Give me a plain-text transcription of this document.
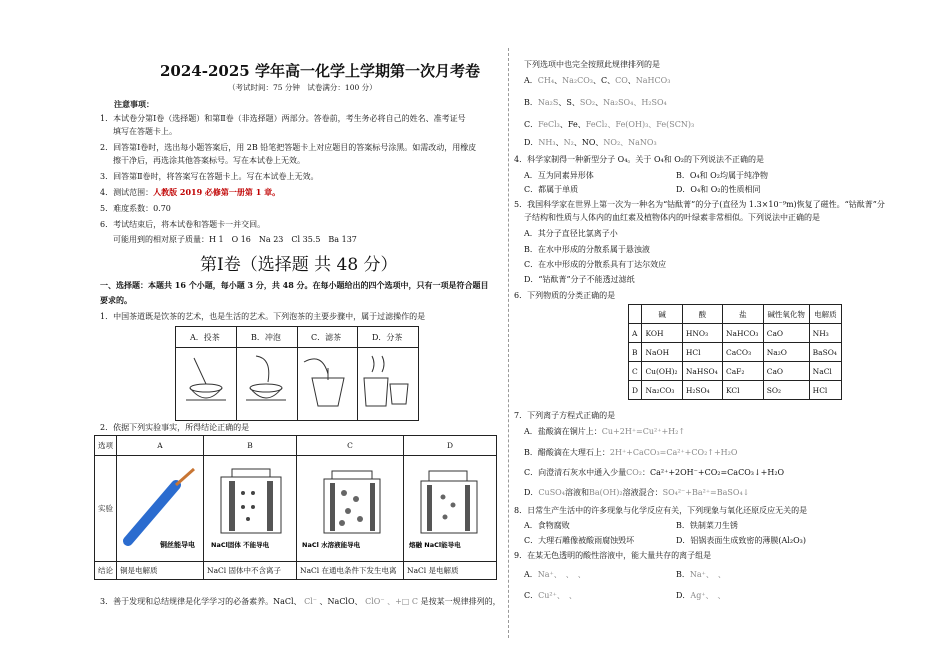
2024-2025 学年高一化学上学期第一次月考卷
（考试时间：75 分钟　试卷满分：100 分）
注意事项：
1．本试卷分第Ⅰ卷（选择题）和第Ⅱ卷（非选择题）两部分。答卷前，考生务必将自己的姓名、准考证号
填写在答题卡上。
2．回答第Ⅰ卷时，选出每小题答案后，用 2B 铅笔把答题卡上对应题目的答案标号涂黑。如需改动，用橡皮
擦干净后，再选涂其他答案标号。写在本试卷上无效。
3．回答第Ⅱ卷时，将答案写在答题卡上。写在本试卷上无效。
4．测试范围：人教版 2019 必修第一册第 1 章。
5．难度系数：0.70
6．考试结束后，将本试卷和答题卡一并交回。
可能用到的相对原子质量：H 1　O 16　Na 23　Cl 35.5　Ba 137
第Ⅰ卷（选择题 共 48 分）
一、选择题：本题共 16 个小题，每小题 3 分，共 48 分。在每小题给出的四个选项中，只有一项是符合题目
要求的。
1．中国茶道既是饮茶的艺术，也是生活的艺术。下列泡茶的主要步骤中，属于过滤操作的是
A．投茶	B．冲泡	C．滤茶	D．分茶
2．依据下列实验事实，所得结论正确的是
选项	A	B	C	D
实验	铜丝能导电	NaCl固体 不能导电	NaCl 水溶液能导电	熔融 NaCl能导电

结论	铜是电解质	NaCl 固体中不含离子	NaCl 在通电条件下发生电离	NaCl 是电解质
3．善于发现和总结规律是化学学习的必备素养。NaCl、 Cl⁻ 、NaClO、 ClO⁻ 、+□ C 是按某一规律排列的，
下列选项中也完全按照此规律排列的是
A．CH₄、Na₂CO₃、C、CO、NaHCO₃
B．Na₂S、S、SO₂、Na₂SO₄、H₂SO₄
C．FeCl₃、Fe、FeCl₂、Fe(OH)₃、Fe(SCN)₃
D．NH₃、N₂、NO、NO₂、NaNO₃
4．科学家制得一种新型分子 O₄。关于 O₄和 O₂的下列说法不正确的是
A．互为同素异形体	B．O₄和 O₂均属于纯净物
C．都属于单质	D．O₄和 O₂的性质相同
5．我国科学家在世界上第一次为一种名为“钴酞菁”的分子(直径为 1.3×10⁻⁹m)恢复了磁性。“钴酞菁”分
子结构和性质与人体内的血红素及植物体内的叶绿素非常相似。下列说法中正确的是
A．其分子直径比氯离子小
B．在水中形成的分散系属于悬浊液
C．在水中形成的分散系具有丁达尔效应
D．“钴酞菁”分子不能透过滤纸
6．下列物质的分类正确的是
	碱	酸	盐	碱性氧化物	电解质
A	KOH	HNO₃	NaHCO₃	CaO	NH₃
B	NaOH	HCl	CaCO₃	Na₂O	BaSO₄
C	Cu(OH)₂	NaHSO₄	CaF₂	CaO	NaCl
D	Na₂CO₃	H₂SO₄	KCl	SO₂	HCl
7．下列离子方程式正确的是
A．盐酸滴在铜片上：Cu+2H⁺=Cu²⁺+H₂↑
B．醋酸滴在大理石上：2H⁺+CaCO₃=Ca²⁺+CO₂↑+H₂O
C．向澄清石灰水中通入少量CO₂：Ca²⁺+2OH⁻+CO₂=CaCO₃↓+H₂O
D．CuSO₄溶液和Ba(OH)₂溶液混合：SO₄²⁻+Ba²⁺=BaSO₄↓
8．日常生产生活中的许多现象与化学反应有关，下列现象与氧化还原反应无关的是
A．食物腐败	B．铁制菜刀生锈
C．大理石雕像被酸雨腐蚀毁坏	D．铝锅表面生成致密的薄膜(Al₂O₃)
9．在某无色透明的酸性溶液中，能大量共存的离子组是
A．Na⁺、　、　、	B．Na⁺、　、
C．Cu²⁺、　、	D．Ag⁺、　、
